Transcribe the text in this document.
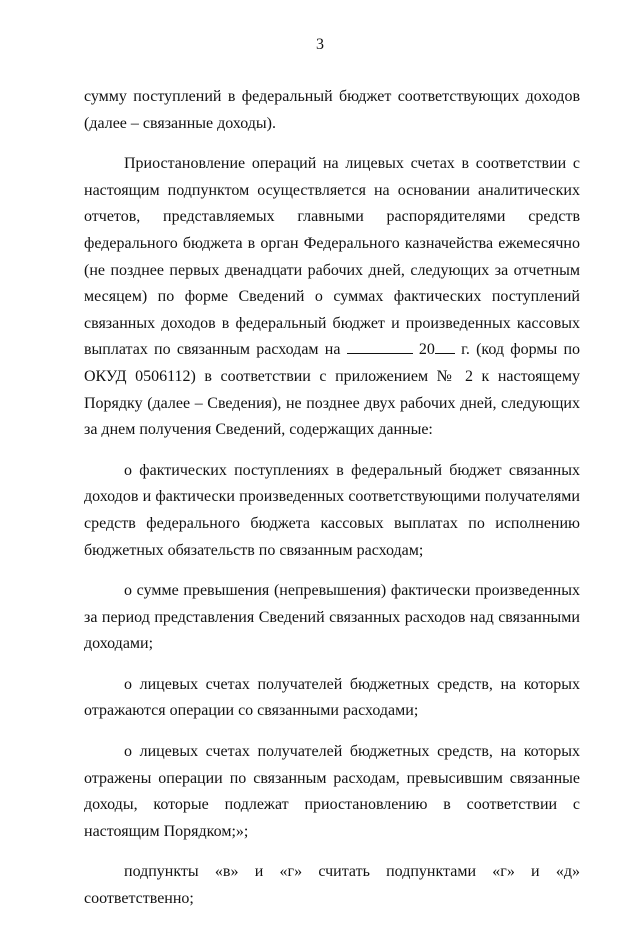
3

сумму поступлений в федеральный бюджет соответствующих доходов (далее – связанные доходы).

Приостановление операций на лицевых счетах в соответствии с настоящим подпунктом осуществляется на основании аналитических отчетов, представляемых главными распорядителями средств федерального бюджета в орган Федерального казначейства ежемесячно (не позднее первых двенадцати рабочих дней, следующих за отчетным месяцем) по форме Сведений о суммах фактических поступлений связанных доходов в федеральный бюджет и произведенных кассовых выплатах по связанным расходам на	20 г. (код формы по ОКУД 0506112) в соответствии с приложением № 2 к настоящему Порядку (далее – Сведения), не позднее двух рабочих дней, следующих за днем получения Сведений, содержащих данные:

о фактических поступлениях в федеральный бюджет связанных доходов и фактически произведенных соответствующими получателями средств федерального бюджета кассовых выплатах по исполнению бюджетных обязательств по связанным расходам;

о сумме превышения (непревышения) фактически произведенных за период представления Сведений связанных расходов над связанными доходами;

о лицевых счетах получателей бюджетных средств, на которых отражаются операции со связанными расходами;

о лицевых счетах получателей бюджетных средств, на которых отражены операции по связанным расходам, превысившим связанные доходы, которые подлежат приостановлению в соответствии с настоящим Порядком;»;

подпункты «в» и «г» считать подпунктами «г» и «д» соответственно;
